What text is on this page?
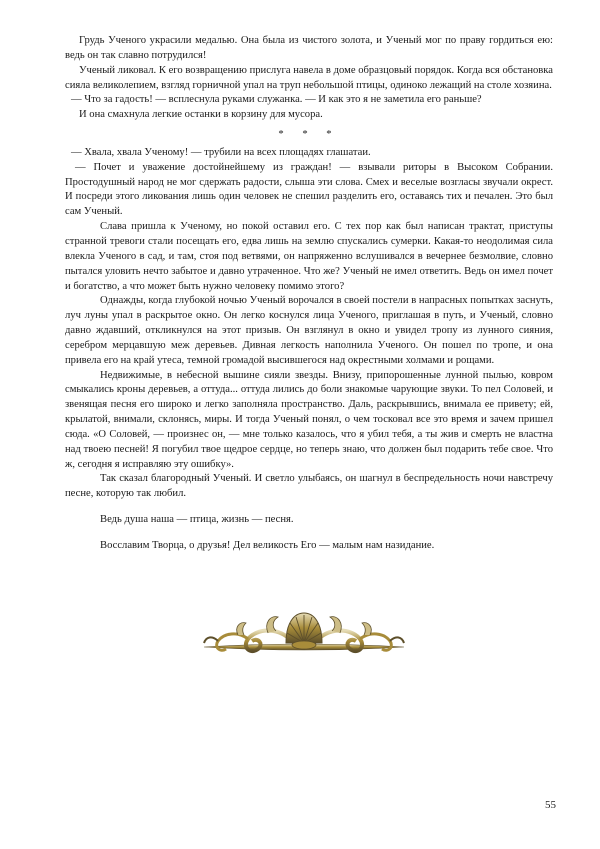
Грудь Ученого украсили медалью. Она была из чистого золота, и Ученый мог по праву гордиться ею: ведь он так славно потрудился!

Ученый ликовал. К его возвращению прислуга навела в доме образцовый порядок. Когда вся обстановка сияла великолепием, взгляд горничной упал на труп небольшой птицы, одиноко лежащий на столе хозяина.

— Что за гадость! — всплеснула руками служанка. — И как это я не заметила его раньше?

И она смахнула легкие останки в корзину для мусора.

* * *

— Хвала, хвала Ученому! — трубили на всех площадях глашатаи.

— Почет и уважение достойнейшему из граждан! — взывали риторы в Высоком Собрании. Простодушный народ не мог сдержать радости, слыша эти слова. Смех и веселые возгласы звучали окрест. И посреди этого ликования лишь один человек не спешил разделить его, оставаясь тих и печален. Это был сам Ученый.

Слава пришла к Ученому, но покой оставил его. С тех пор как был написан трактат, приступы странной тревоги стали посещать его, едва лишь на землю спускались сумерки. Какая-то неодолимая сила влекла Ученого в сад, и там, стоя под ветвями, он напряженно вслушивался в вечернее безмолвие, словно пытался уловить нечто забытое и давно утраченное. Что же? Ученый не имел ответить. Ведь он имел почет и богатство, а что может быть нужно человеку помимо этого?

Однажды, когда глубокой ночью Ученый ворочался в своей постели в напрасных попытках заснуть, луч луны упал в раскрытое окно. Он легко коснулся лица Ученого, приглашая в путь, и Ученый, словно давно ждавший, откликнулся на этот призыв. Он взглянул в окно и увидел тропу из лунного сияния, серебром мерцавшую меж деревьев. Дивная легкость наполнила Ученого. Он пошел по тропе, и она привела его на край утеса, темной громадой высившегося над окрестными холмами и рощами.

Недвижимые, в небесной вышине сияли звезды. Внизу, припорошенные лунной пылью, ковром смыкались кроны деревьев, а оттуда... оттуда лились до боли знакомые чарующие звуки. То пел Соловей, и звенящая песня его широко и легко заполняла пространство. Даль, раскрывшись, внимала ее привету; ей, крылатой, внимали, склонясь, миры. И тогда Ученый понял, о чем тосковал все это время и зачем пришел сюда. «О Соловей, — произнес он, — мне только казалось, что я убил тебя, а ты жив и смерть не властна над твоею песней! Я погубил твое щедрое сердце, но теперь знаю, что должен был подарить тебе свое. Что ж, сегодня я исправляю эту ошибку».

Так сказал благородный Ученый. И светло улыбаясь, он шагнул в беспредельность ночи навстречу песне, которую так любил.

Ведь душа наша — птица, жизнь — песня.

Восславим Творца, о друзья! Дел великость Его — малым нам назидание.

55
